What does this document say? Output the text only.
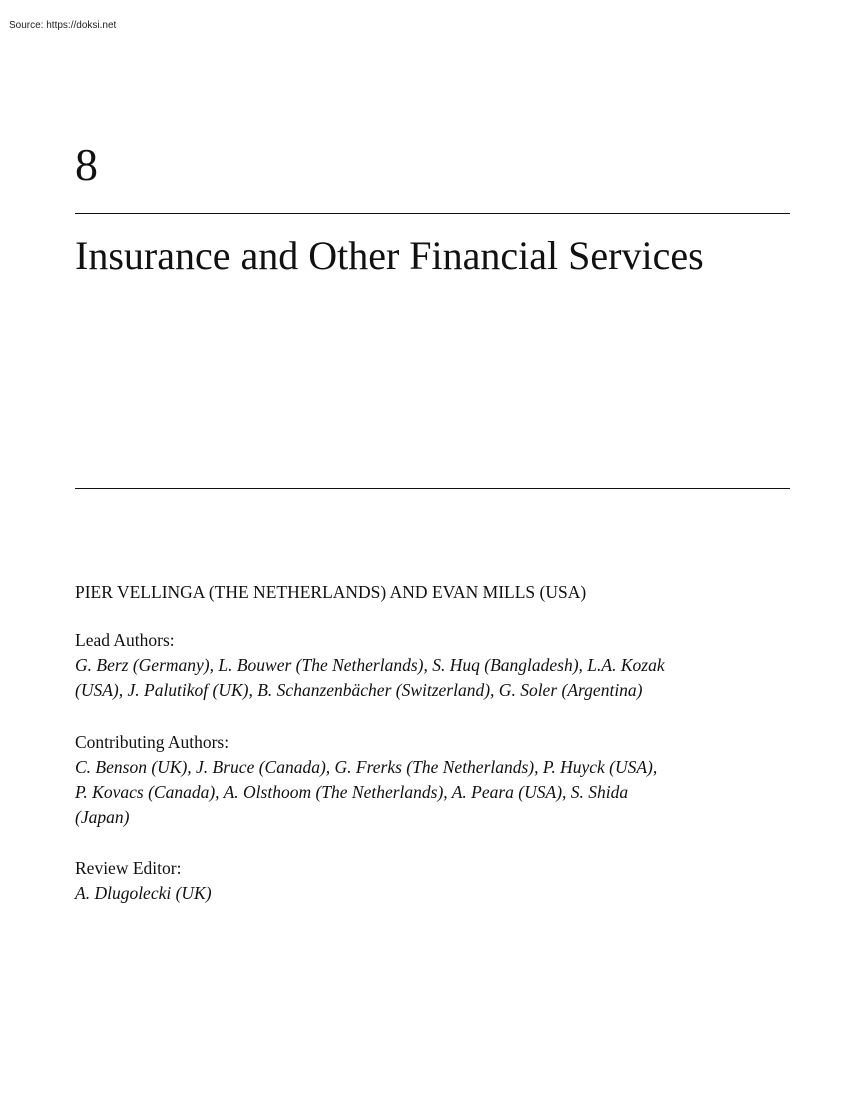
Source: https://doksi.net
8
Insurance and Other Financial Services
PIER VELLINGA (THE NETHERLANDS) AND EVAN MILLS (USA)
Lead Authors:
G. Berz (Germany), L. Bouwer (The Netherlands), S. Huq (Bangladesh), L.A. Kozak
(USA), J. Palutikof (UK), B. Schanzenbächer (Switzerland), G. Soler (Argentina)
Contributing Authors:
C. Benson (UK), J. Bruce (Canada), G. Frerks (The Netherlands), P. Huyck (USA),
P. Kovacs (Canada), A. Olsthoom (The Netherlands), A. Peara (USA), S. Shida
(Japan)
Review Editor:
A. Dlugolecki (UK)
